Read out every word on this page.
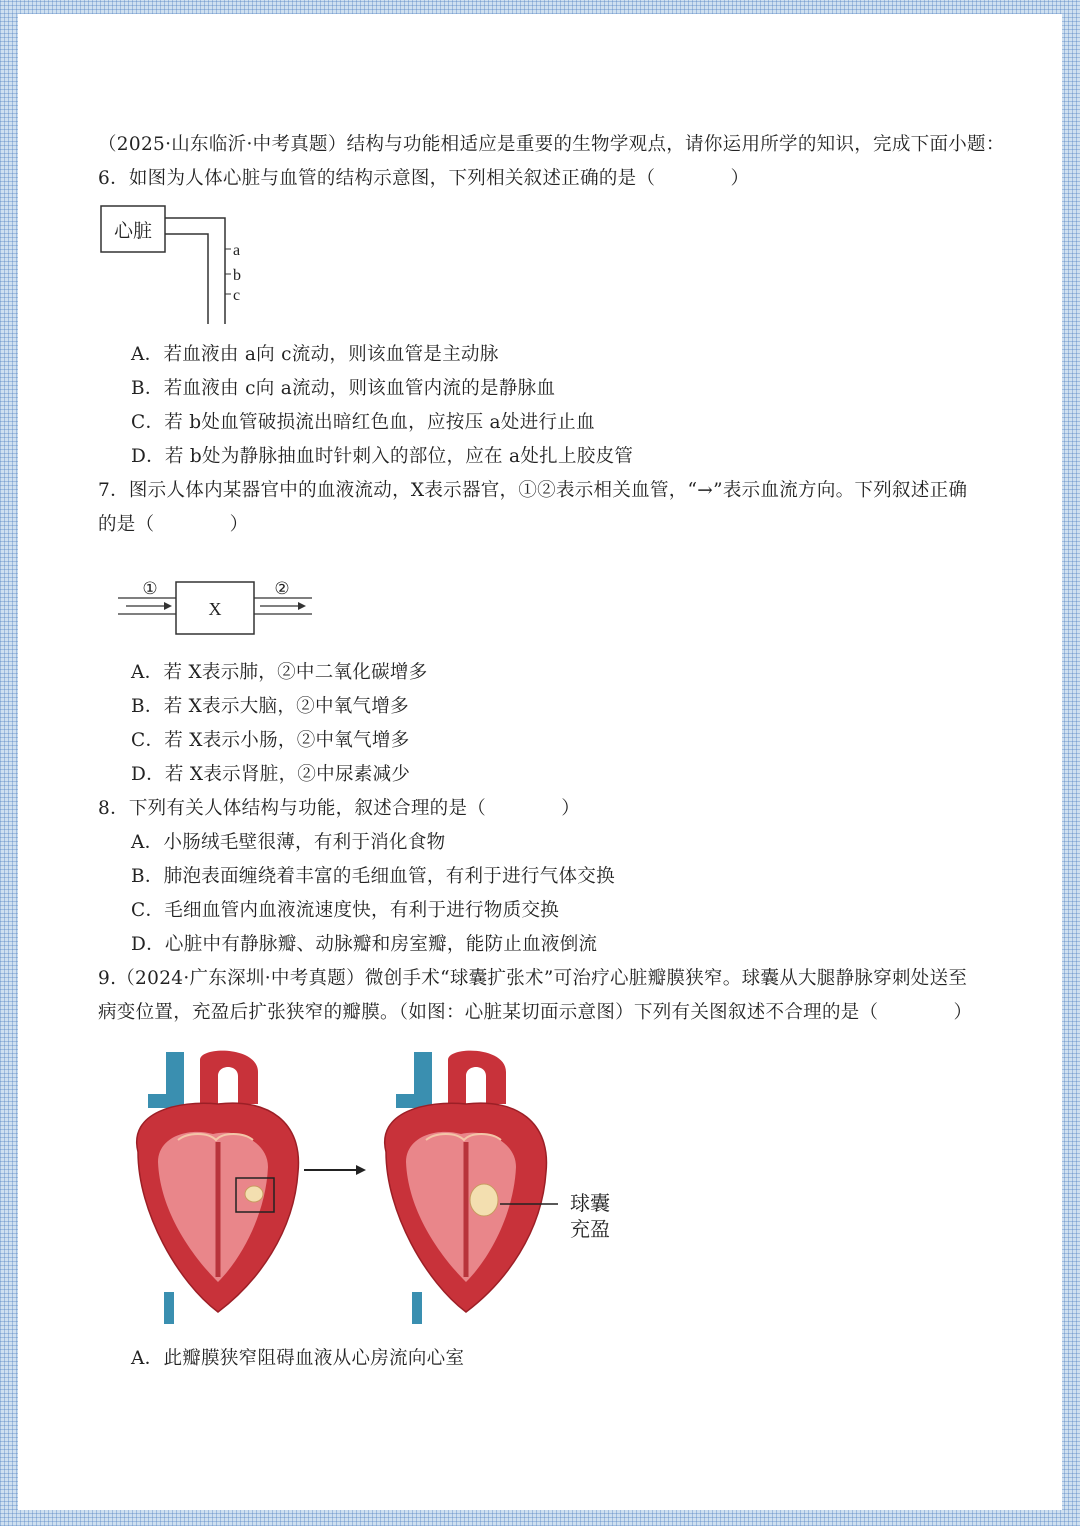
（2025·山东临沂·中考真题）结构与功能相适应是重要的生物学观点，请你运用所学的知识，完成下面小题：
6．如图为人体心脏与血管的结构示意图，下列相关叙述正确的是（　　　　）
心脏
a
b
c
A．若血液由 a向 c流动，则该血管是主动脉
B．若血液由 c向 a流动，则该血管内流的是静脉血
C．若 b处血管破损流出暗红色血，应按压 a处进行止血
D．若 b处为静脉抽血时针刺入的部位，应在 a处扎上胶皮管
7．图示人体内某器官中的血液流动，X表示器官，①②表示相关血管，“→”表示血流方向。下列叙述正确
的是（　　　　）
X
①	②
A．若 X表示肺，②中二氧化碳增多
B．若 X表示大脑，②中氧气增多
C．若 X表示小肠，②中氧气增多
D．若 X表示肾脏，②中尿素减少
8．下列有关人体结构与功能，叙述合理的是（　　　　）
A．小肠绒毛壁很薄，有利于消化食物
B．肺泡表面缠绕着丰富的毛细血管，有利于进行气体交换
C．毛细血管内血液流速度快，有利于进行物质交换
D．心脏中有静脉瓣、动脉瓣和房室瓣，能防止血液倒流
9.（2024·广东深圳·中考真题）微创手术“球囊扩张术”可治疗心脏瓣膜狭窄。球囊从大腿静脉穿刺处送至
病变位置，充盈后扩张狭窄的瓣膜。（如图：心脏某切面示意图）下列有关图叙述不合理的是（　　　　）
球囊
充盈
A．此瓣膜狭窄阻碍血液从心房流向心室
